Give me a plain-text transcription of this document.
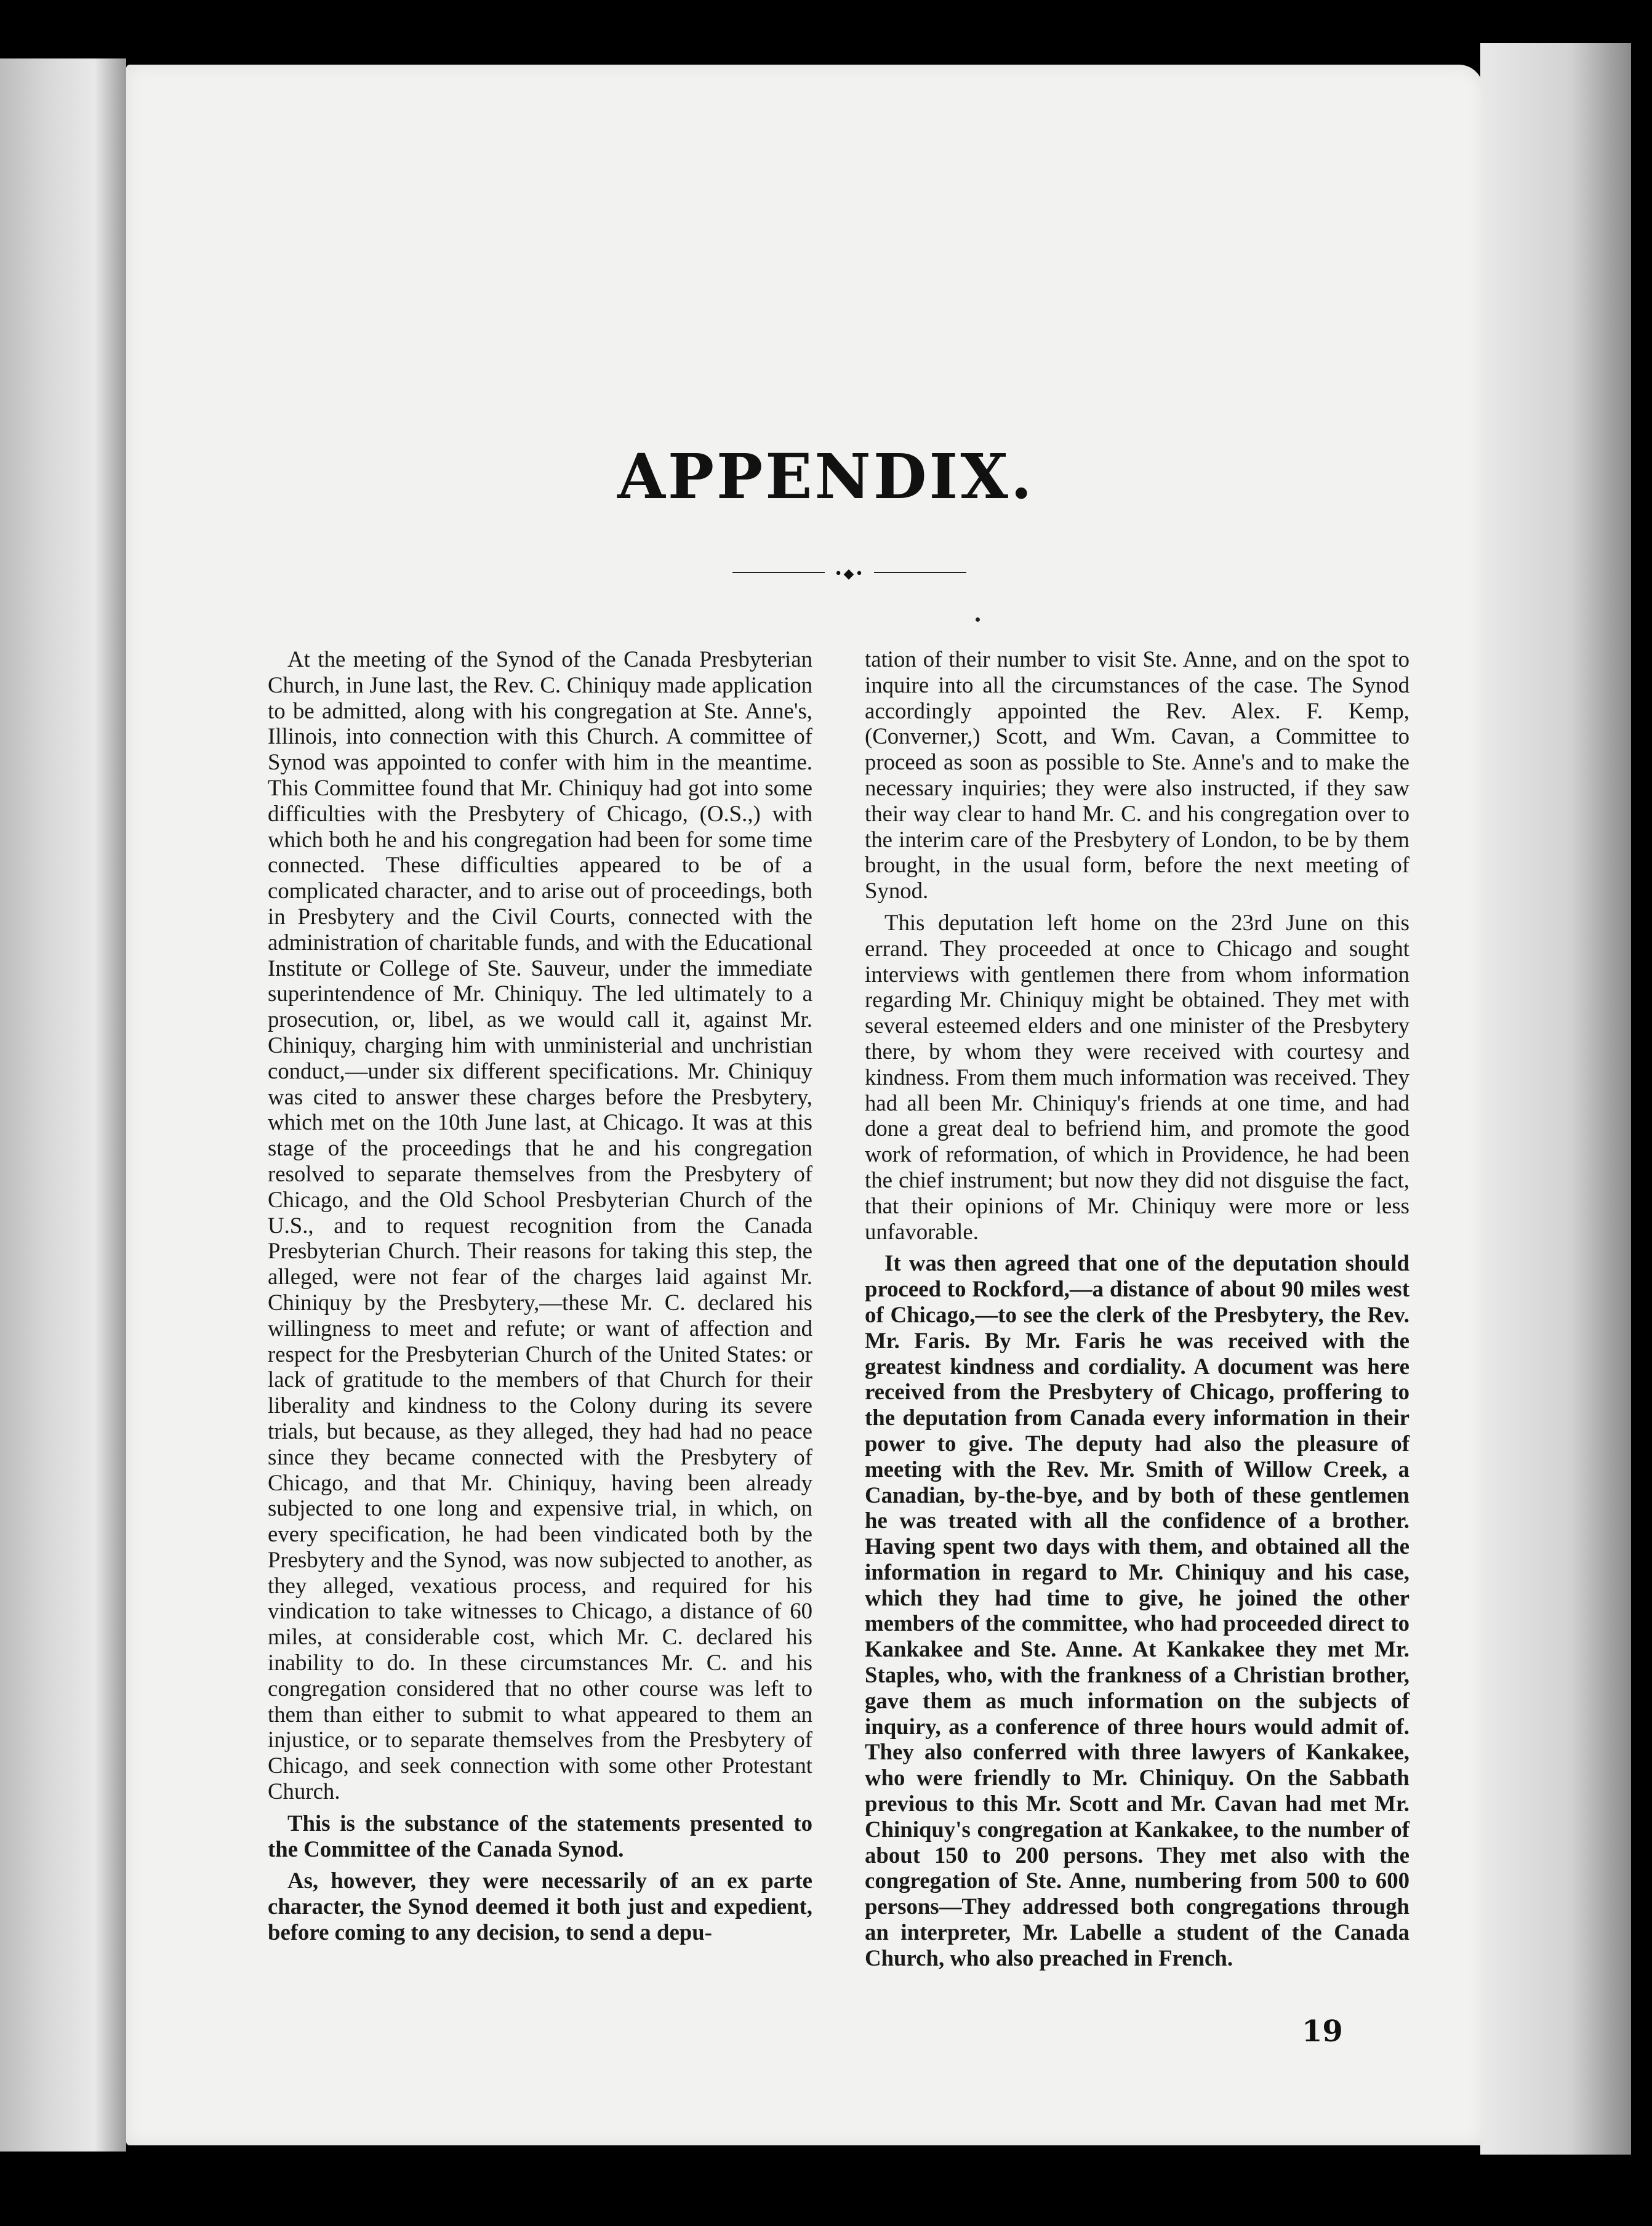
APPENDIX.
•◆•

At the meeting of the Synod of the Canada Presbyterian Church, in June last, the Rev. C. Chiniquy made application to be admitted, along with his congregation at Ste. Anne's, Illinois, into connection with this Church. A committee of Synod was appointed to confer with him in the meantime. This Committee found that Mr. Chiniquy had got into some difficulties with the Presbytery of Chicago, (O.S.,) with which both he and his congregation had been for some time connected. These difficulties appeared to be of a complicated character, and to arise out of proceedings, both in Presbytery and the Civil Courts, connected with the administration of charitable funds, and with the Educational Institute or College of Ste. Sauveur, under the immediate superintendence of Mr. Chiniquy. The led ultimately to a prosecution, or, libel, as we would call it, against Mr. Chiniquy, charging him with unministerial and unchristian conduct,—under six different specifications. Mr. Chiniquy was cited to answer these charges before the Presbytery, which met on the 10th June last, at Chicago. It was at this stage of the proceedings that he and his congregation resolved to separate themselves from the Presbytery of Chicago, and the Old School Presbyterian Church of the U.S., and to request recognition from the Canada Presbyterian Church. Their reasons for taking this step, the alleged, were not fear of the charges laid against Mr. Chiniquy by the Presbytery,—these Mr. C. declared his willingness to meet and refute; or want of affection and respect for the Presbyterian Church of the United States: or lack of gratitude to the members of that Church for their liberality and kindness to the Colony during its severe trials, but because, as they alleged, they had had no peace since they became connected with the Presbytery of Chicago, and that Mr. Chiniquy, having been already subjected to one long and expensive trial, in which, on every specification, he had been vindicated both by the Presbytery and the Synod, was now subjected to another, as they alleged, vexatious process, and required for his vindication to take witnesses to Chicago, a distance of 60 miles, at considerable cost, which Mr. C. declared his inability to do. In these circumstances Mr. C. and his congregation considered that no other course was left to them than either to submit to what appeared to them an injustice, or to separate themselves from the Presbytery of Chicago, and seek connection with some other Protestant Church.

This is the substance of the statements presented to the Committee of the Canada Synod.

As, however, they were necessarily of an ex parte character, the Synod deemed it both just and expedient, before coming to any decision, to send a depu-

tation of their number to visit Ste. Anne, and on the spot to inquire into all the circumstances of the case. The Synod accordingly appointed the Rev. Alex. F. Kemp, (Converner,) Scott, and Wm. Cavan, a Committee to proceed as soon as possible to Ste. Anne's and to make the necessary inquiries; they were also instructed, if they saw their way clear to hand Mr. C. and his congregation over to the interim care of the Presbytery of London, to be by them brought, in the usual form, before the next meeting of Synod.

This deputation left home on the 23rd June on this errand. They proceeded at once to Chicago and sought interviews with gentlemen there from whom information regarding Mr. Chiniquy might be obtained. They met with several esteemed elders and one minister of the Presbytery there, by whom they were received with courtesy and kindness. From them much information was received. They had all been Mr. Chiniquy's friends at one time, and had done a great deal to befriend him, and promote the good work of reformation, of which in Providence, he had been the chief instrument; but now they did not disguise the fact, that their opinions of Mr. Chiniquy were more or less unfavorable.

It was then agreed that one of the deputation should proceed to Rockford,—a distance of about 90 miles west of Chicago,—to see the clerk of the Presbytery, the Rev. Mr. Faris. By Mr. Faris he was received with the greatest kindness and cordiality. A document was here received from the Presbytery of Chicago, proffering to the deputation from Canada every information in their power to give. The deputy had also the pleasure of meeting with the Rev. Mr. Smith of Willow Creek, a Canadian, by-the-bye, and by both of these gentlemen he was treated with all the confidence of a brother. Having spent two days with them, and obtained all the information in regard to Mr. Chiniquy and his case, which they had time to give, he joined the other members of the committee, who had proceeded direct to Kankakee and Ste. Anne. At Kankakee they met Mr. Staples, who, with the frankness of a Christian brother, gave them as much information on the subjects of inquiry, as a conference of three hours would admit of. They also conferred with three lawyers of Kankakee, who were friendly to Mr. Chiniquy. On the Sabbath previous to this Mr. Scott and Mr. Cavan had met Mr. Chiniquy's congregation at Kankakee, to the number of about 150 to 200 persons. They met also with the congregation of Ste. Anne, numbering from 500 to 600 persons—They addressed both congregations through an interpreter, Mr. Labelle a student of the Canada Church, who also preached in French.

19
